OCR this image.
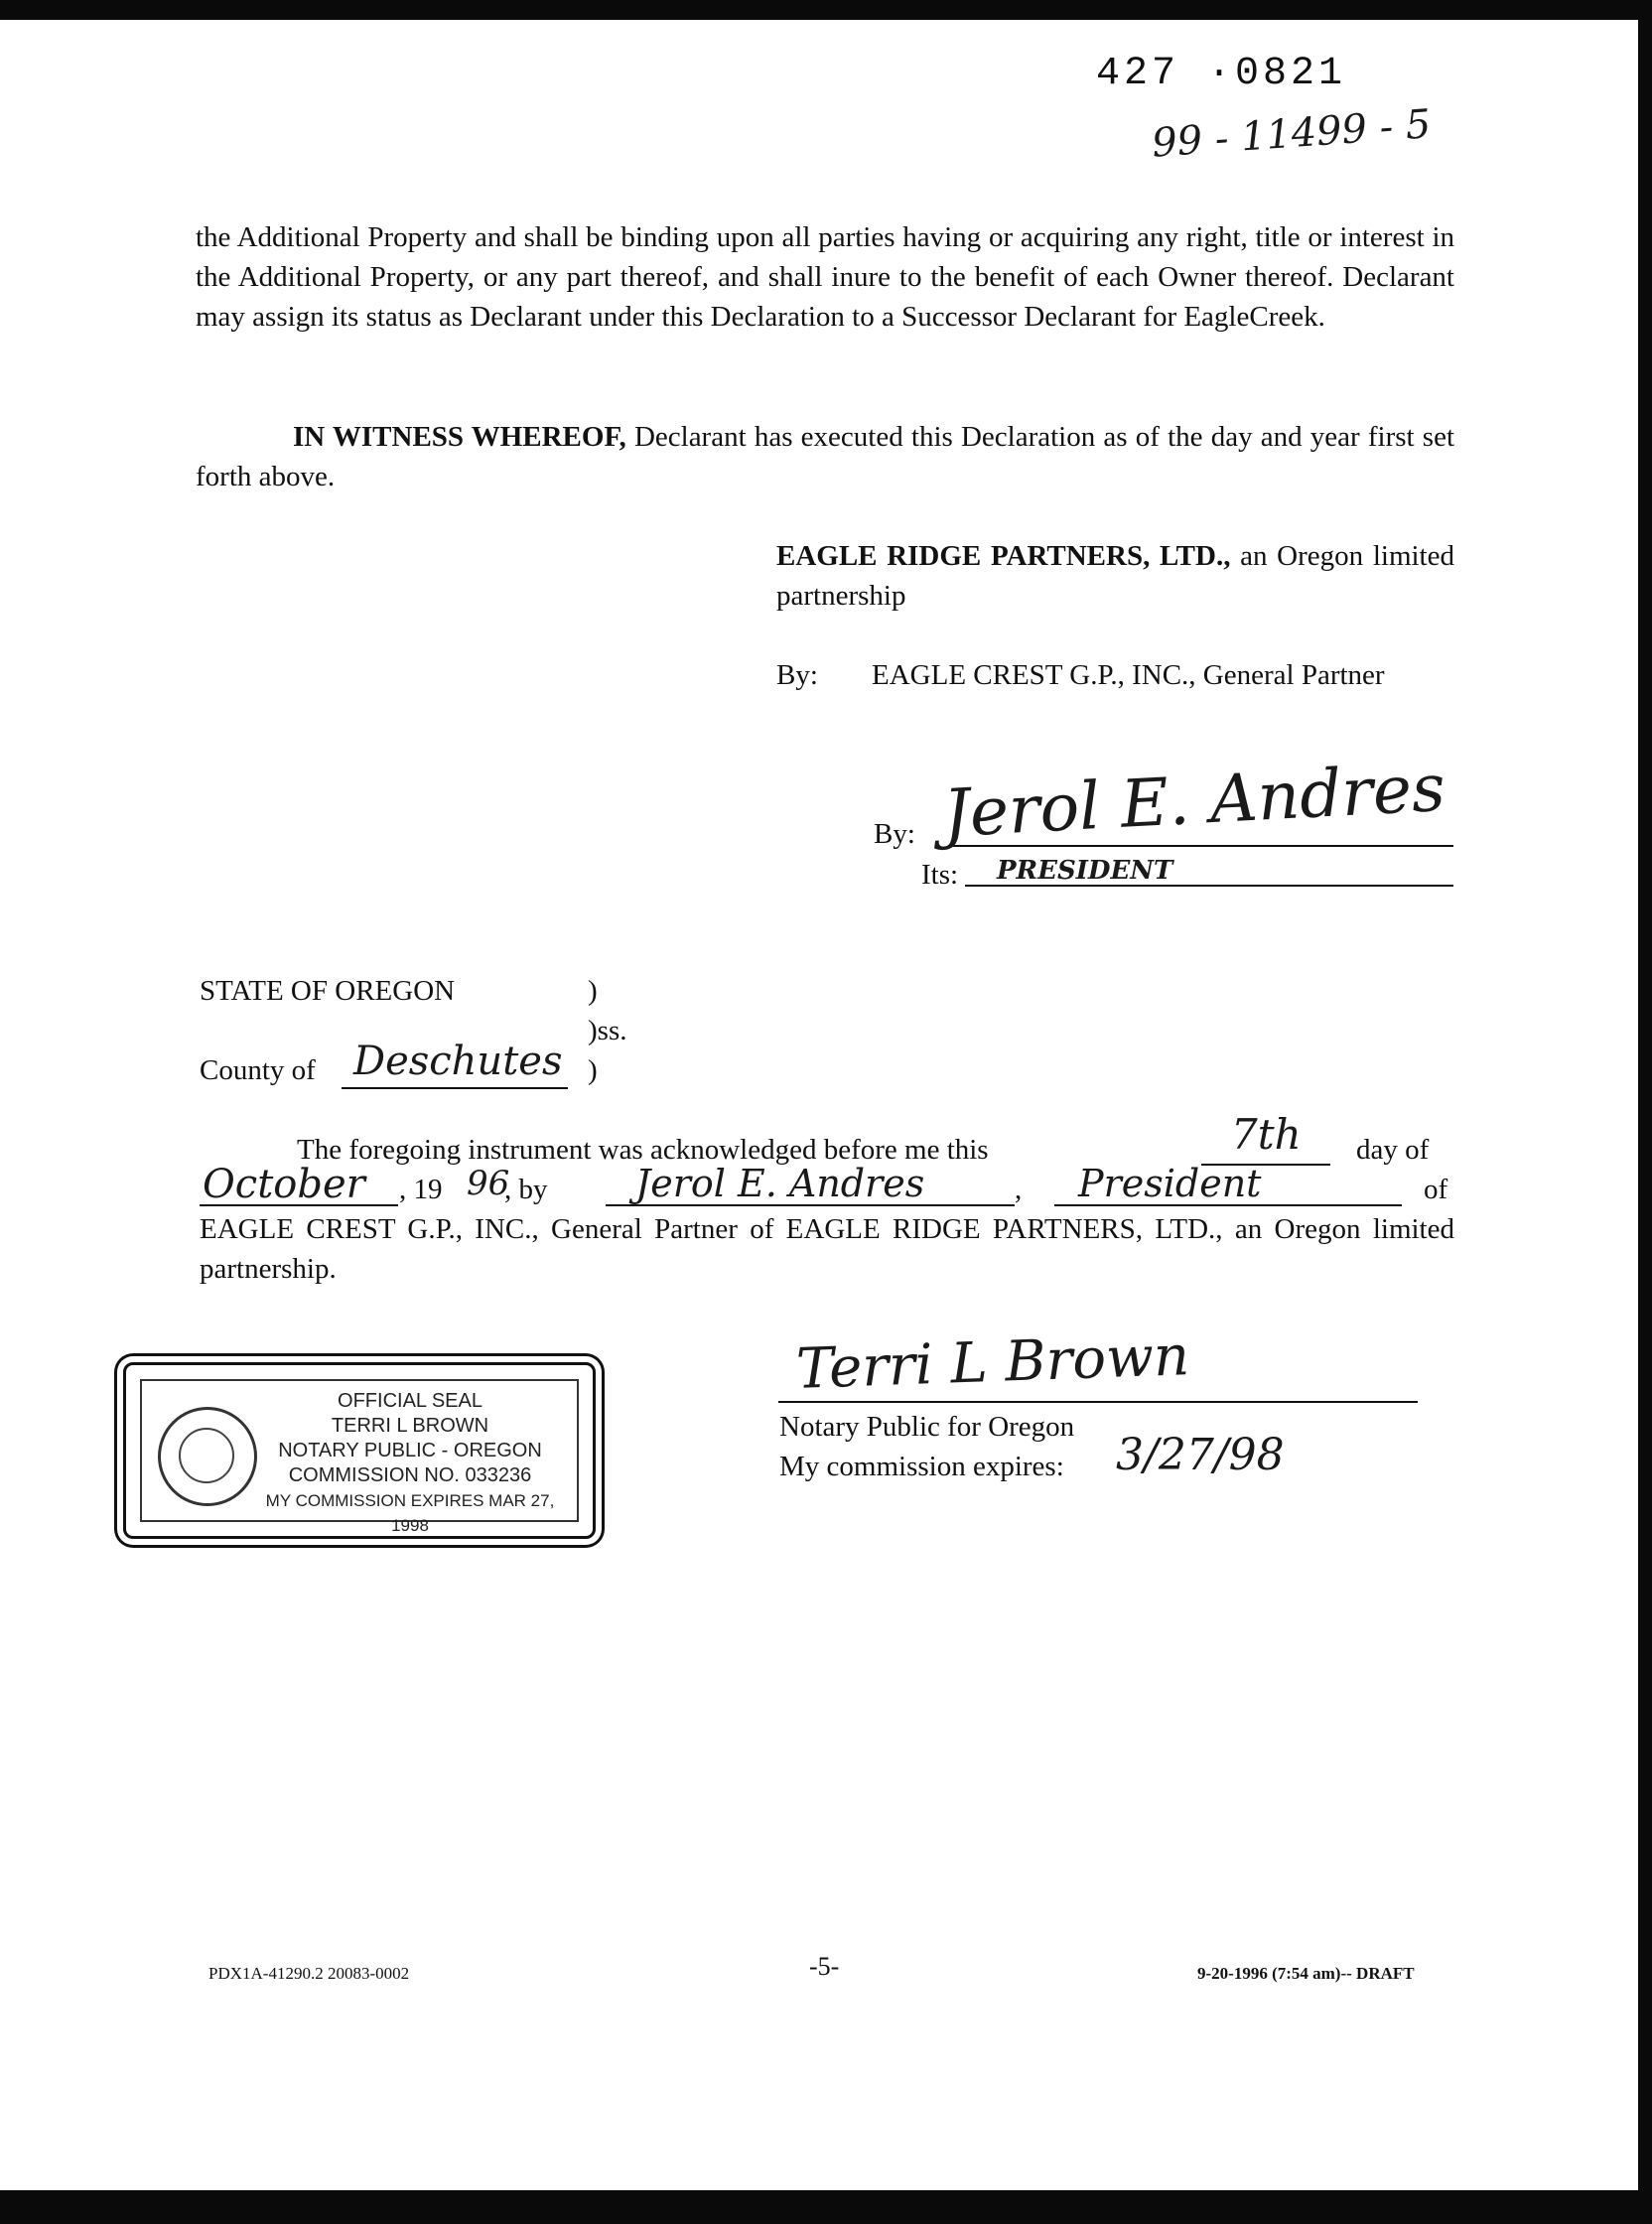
427 ·0821
99 - 11499 - 5
the Additional Property and shall be binding upon all parties having or acquiring any right, title or interest in the Additional Property, or any part thereof, and shall inure to the benefit of each Owner thereof. Declarant may assign its status as Declarant under this Declaration to a Successor Declarant for EagleCreek.
IN WITNESS WHEREOF, Declarant has executed this Declaration as of the day and year first set forth above.
EAGLE RIDGE PARTNERS, LTD., an Oregon limited partnership
By: EAGLE CREST G.P., INC., General Partner
By: Jerol E. Andres
Its: PRESIDENT
STATE OF OREGON	)
)ss.
County of Deschutes )
The foregoing instrument was acknowledged before me this	7th day of
October , 19 96
, by Jerol E. Andres	, President	of
EAGLE CREST G.P., INC., General Partner of EAGLE RIDGE PARTNERS, LTD., an Oregon limited partnership.
Terri L Brown
Notary Public for Oregon
My commission expires: 3/27/98
OFFICIAL SEAL
TERRI L BROWN
NOTARY PUBLIC - OREGON
COMMISSION NO. 033236
MY COMMISSION EXPIRES MAR 27, 1998
PDX1A-41290.2 20083-0002	-5-	9-20-1996 (7:54 am)-- DRAFT
